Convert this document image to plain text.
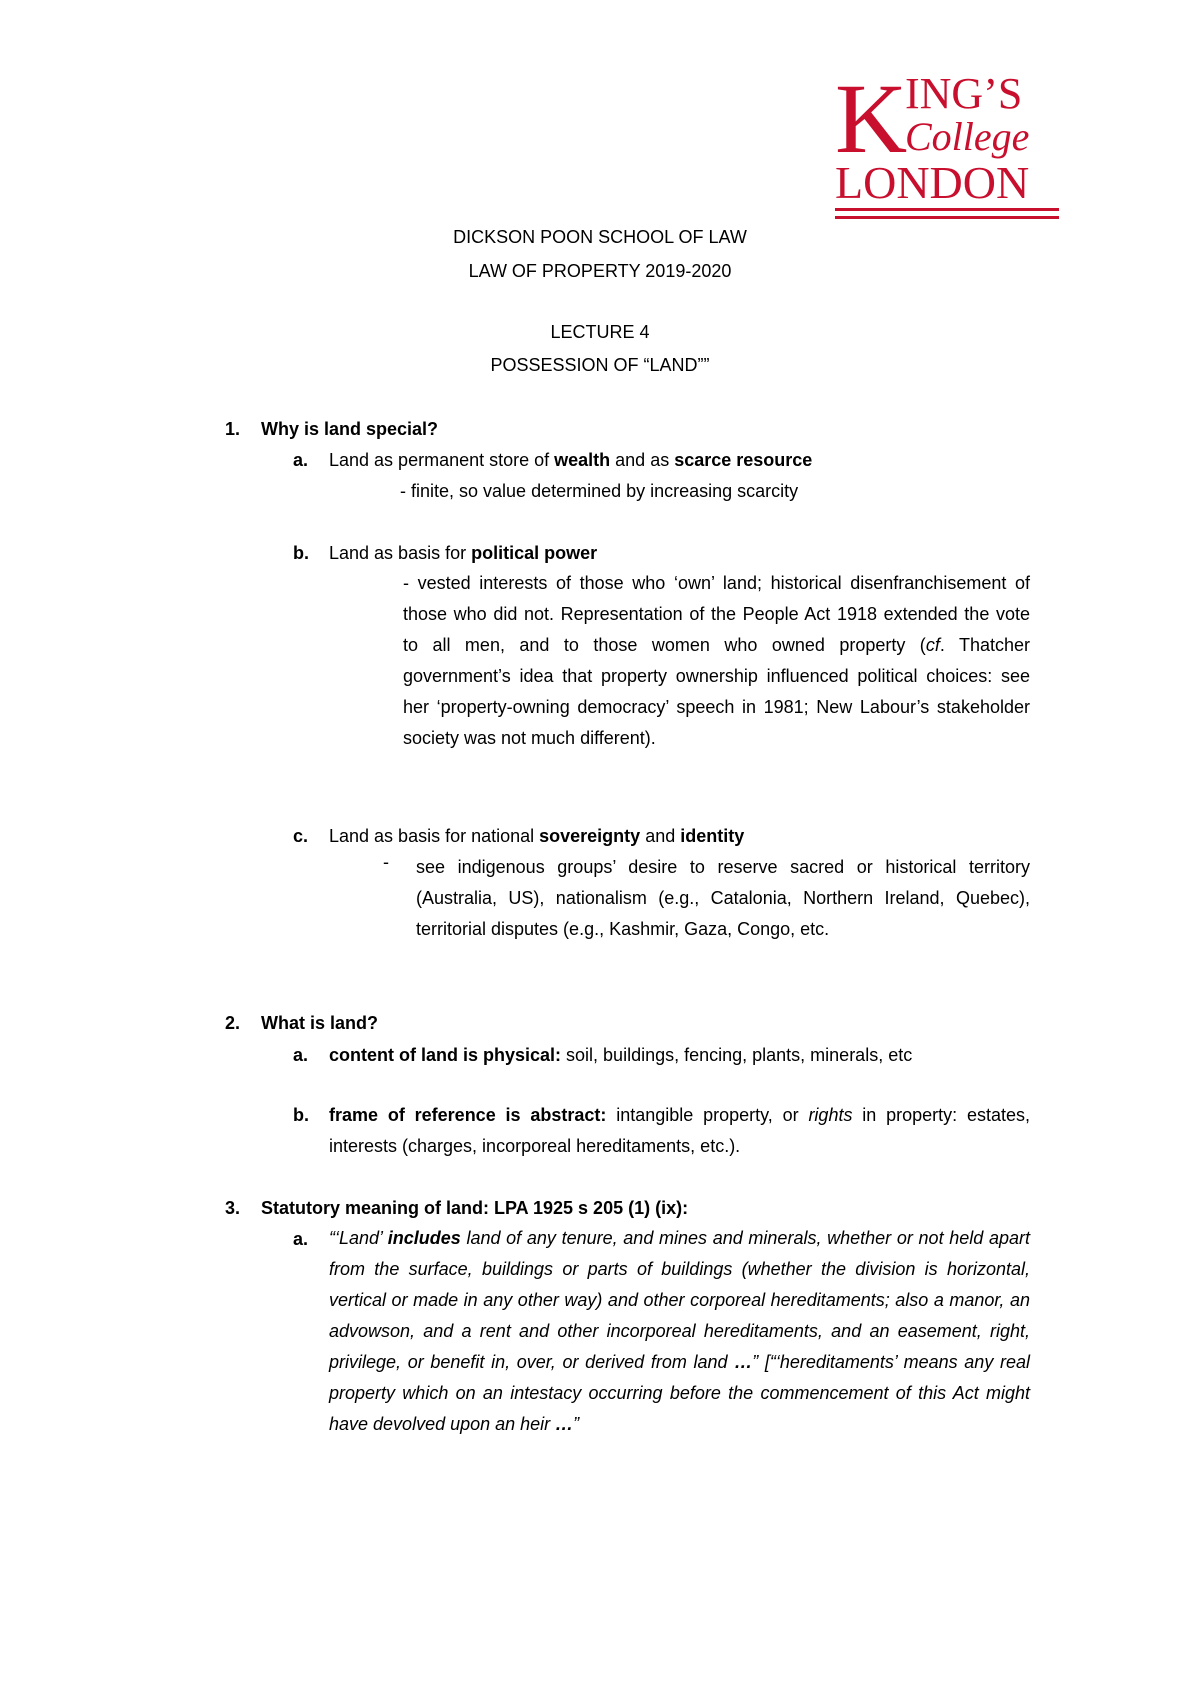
K
ING’S
College
LONDON
DICKSON POON SCHOOL OF LAW
LAW OF PROPERTY 2019-2020
LECTURE 4
POSSESSION OF “LAND””
1. Why is land special?
a. Land as permanent store of wealth and as scarce resource
- finite, so value determined by increasing scarcity
b. Land as basis for political power
- vested interests of those who ‘own’ land; historical disenfranchisement of those who did not. Representation of the People Act 1918 extended the vote to all men, and to those women who owned property (cf. Thatcher government’s idea that property ownership influenced political choices: see her ‘property-owning democracy’ speech in 1981; New Labour’s stakeholder society was not much different).
c. Land as basis for national sovereignty and identity
- see indigenous groups’ desire to reserve sacred or historical territory (Australia, US), nationalism (e.g., Catalonia, Northern Ireland, Quebec), territorial disputes (e.g., Kashmir, Gaza, Congo, etc.
2. What is land?
a. content of land is physical: soil, buildings, fencing, plants, minerals, etc
b.	frame of reference is abstract: intangible property, or rights in property: estates, interests (charges, incorporeal hereditaments, etc.).
3. Statutory meaning of land: LPA 1925 s 205 (1) (ix):
a.	“‘Land’ includes land of any tenure, and mines and minerals, whether or not held apart from the surface, buildings or parts of buildings (whether the division is horizontal, vertical or made in any other way) and other corporeal hereditaments; also a manor, an advowson, and a rent and other incorporeal hereditaments, and an easement, right, privilege, or benefit in, over, or derived from land …” [“‘hereditaments’ means any real property which on an intestacy occurring before the commencement of this Act might have devolved upon an heir …”
